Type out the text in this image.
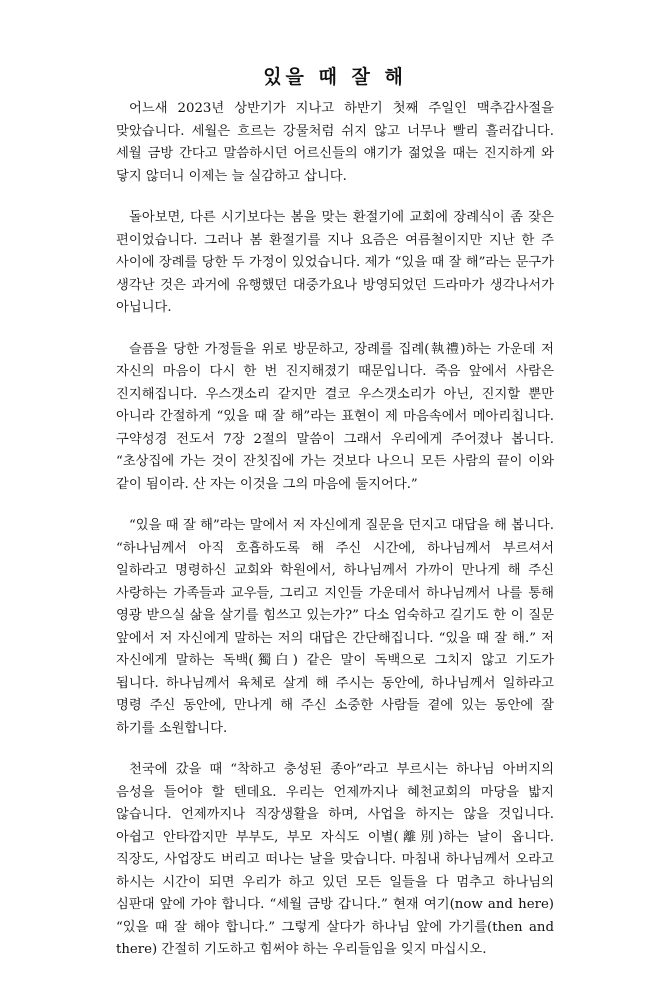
있을 때 잘 해

어느새 2023년 상반기가 지나고 하반기 첫째 주일인 맥추감사절을 맞았습니다. 세월은 흐르는 강물처럼 쉬지 않고 너무나 빨리 흘러갑니다. 세월 금방 간다고 말씀하시던 어르신들의 얘기가 젊었을 때는 진지하게 와 닿지 않더니 이제는 늘 실감하고 삽니다.

돌아보면, 다른 시기보다는 봄을 맞는 환절기에 교회에 장례식이 좀 잦은 편이었습니다. 그러나 봄 환절기를 지나 요즘은 여름철이지만 지난 한 주 사이에 장례를 당한 두 가정이 있었습니다. 제가 “있을 때 잘 해”라는 문구가 생각난 것은 과거에 유행했던 대중가요나 방영되었던 드라마가 생각나서가 아닙니다.

슬픔을 당한 가정들을 위로 방문하고, 장례를 집례(執禮)하는 가운데 저 자신의 마음이 다시 한 번 진지해졌기 때문입니다. 죽음 앞에서 사람은 진지해집니다. 우스갯소리 같지만 결코 우스갯소리가 아닌, 진지할 뿐만 아니라 간절하게 “있을 때 잘 해”라는 표현이 제 마음속에서 메아리칩니다. 구약성경 전도서 7장 2절의 말씀이 그래서 우리에게 주어졌나 봅니다. “초상집에 가는 것이 잔칫집에 가는 것보다 나으니 모든 사람의 끝이 이와 같이 됨이라. 산 자는 이것을 그의 마음에 둘지어다.”

“있을 때 잘 해”라는 말에서 저 자신에게 질문을 던지고 대답을 해 봅니다. “하나님께서 아직 호흡하도록 해 주신 시간에, 하나님께서 부르셔서 일하라고 명령하신 교회와 학원에서, 하나님께서 가까이 만나게 해 주신 사랑하는 가족들과 교우들, 그리고 지인들 가운데서 하나님께서 나를 통해 영광 받으실 삶을 살기를 힘쓰고 있는가?” 다소 엄숙하고 길기도 한 이 질문 앞에서 저 자신에게 말하는 저의 대답은 간단해집니다. “있을 때 잘 해.” 저 자신에게 말하는 독백(獨白) 같은 말이 독백으로 그치지 않고 기도가 됩니다. 하나님께서 육체로 살게 해 주시는 동안에, 하나님께서 일하라고 명령 주신 동안에, 만나게 해 주신 소중한 사람들 곁에 있는 동안에 잘 하기를 소원합니다.

천국에 갔을 때 “착하고 충성된 종아”라고 부르시는 하나님 아버지의 음성을 들어야 할 텐데요. 우리는 언제까지나 혜천교회의 마당을 밟지 않습니다. 언제까지나 직장생활을 하며, 사업을 하지는 않을 것입니다. 아쉽고 안타깝지만 부부도, 부모 자식도 이별(離別)하는 날이 옵니다. 직장도, 사업장도 버리고 떠나는 날을 맞습니다. 마침내 하나님께서 오라고 하시는 시간이 되면 우리가 하고 있던 모든 일들을 다 멈추고 하나님의 심판대 앞에 가야 합니다. “세월 금방 갑니다.” 현재 여기(now and here) “있을 때 잘 해야 합니다.” 그렇게 살다가 하나님 앞에 가기를(then and there) 간절히 기도하고 힘써야 하는 우리들임을 잊지 마십시오.
